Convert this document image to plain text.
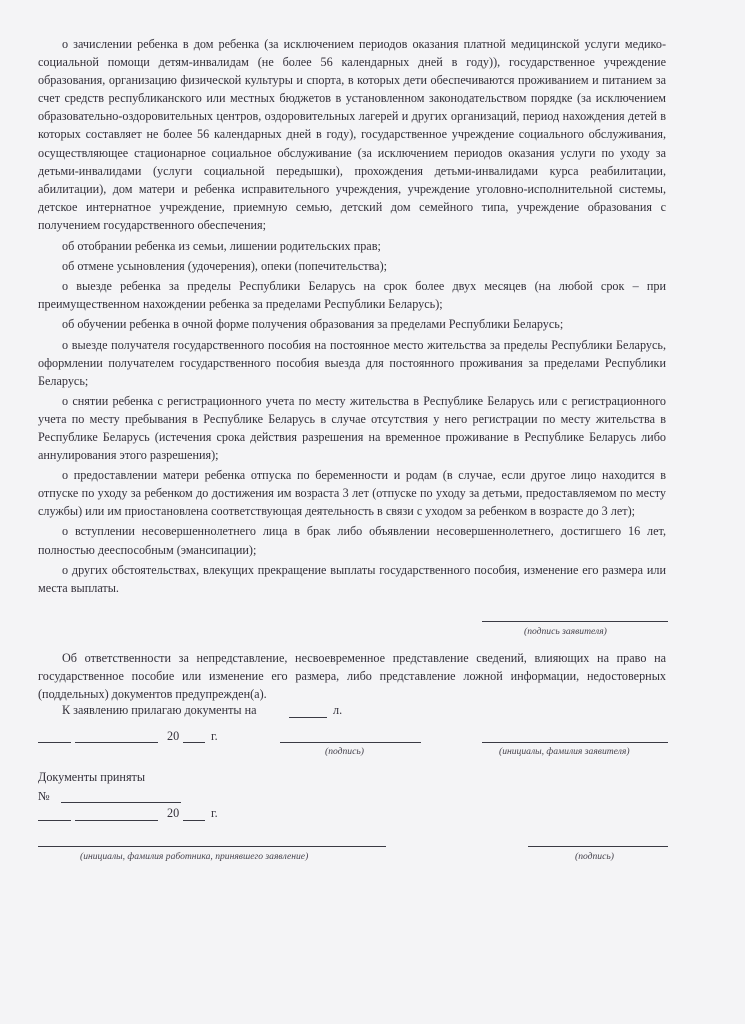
о зачислении ребенка в дом ребенка (за исключением периодов оказания платной медицинской услуги медико-социальной помощи детям-инвалидам (не более 56 календарных дней в году)), государственное учреждение образования, организацию физической культуры и спорта, в которых дети обеспечиваются проживанием и питанием за счет средств республиканского или местных бюджетов в установленном законодательством порядке (за исключением образовательно-оздоровительных центров, оздоровительных лагерей и других организаций, период нахождения детей в которых составляет не более 56 календарных дней в году), государственное учреждение социального обслуживания, осуществляющее стационарное социальное обслуживание (за исключением периодов оказания услуги по уходу за детьми-инвалидами (услуги социальной передышки), прохождения детьми-инвалидами курса реабилитации, абилитации), дом матери и ребенка исправительного учреждения, учреждение уголовно-исполнительной системы, детское интернатное учреждение, приемную семью, детский дом семейного типа, учреждение образования с получением государственного обеспечения;

об отобрании ребенка из семьи, лишении родительских прав;

об отмене усыновления (удочерения), опеки (попечительства);

о выезде ребенка за пределы Республики Беларусь на срок более двух месяцев (на любой срок – при преимущественном нахождении ребенка за пределами Республики Беларусь);

об обучении ребенка в очной форме получения образования за пределами Республики Беларусь;

о выезде получателя государственного пособия на постоянное место жительства за пределы Республики Беларусь, оформлении получателем государственного пособия выезда для постоянного проживания за пределами Республики Беларусь;

о снятии ребенка с регистрационного учета по месту жительства в Республике Беларусь или с регистрационного учета по месту пребывания в Республике Беларусь в случае отсутствия у него регистрации по месту жительства в Республике Беларусь (истечения срока действия разрешения на временное проживание в Республике Беларусь либо аннулирования этого разрешения);

о предоставлении матери ребенка отпуска по беременности и родам (в случае, если другое лицо находится в отпуске по уходу за ребенком до достижения им возраста 3 лет (отпуске по уходу за детьми, предоставляемом по месту службы) или им приостановлена соответствующая деятельность в связи с уходом за ребенком в возрасте до 3 лет);

о вступлении несовершеннолетнего лица в брак либо объявлении несовершеннолетнего, достигшего 16 лет, полностью дееспособным (эмансипации);

о других обстоятельствах, влекущих прекращение выплаты государственного пособия, изменение его размера или места выплаты.

(подпись заявителя)

Об ответственности за непредставление, несвоевременное представление сведений, влияющих на право на государственное пособие или изменение его размера, либо представление ложной информации, недостоверных (поддельных) документов предупрежден(а).

К заявлению прилагаю документы на	л.
20	г.
(подпись)	(инициалы, фамилия заявителя)
Документы приняты
№
20	г.
(инициалы, фамилия работника, принявшего заявление)	(подпись)
